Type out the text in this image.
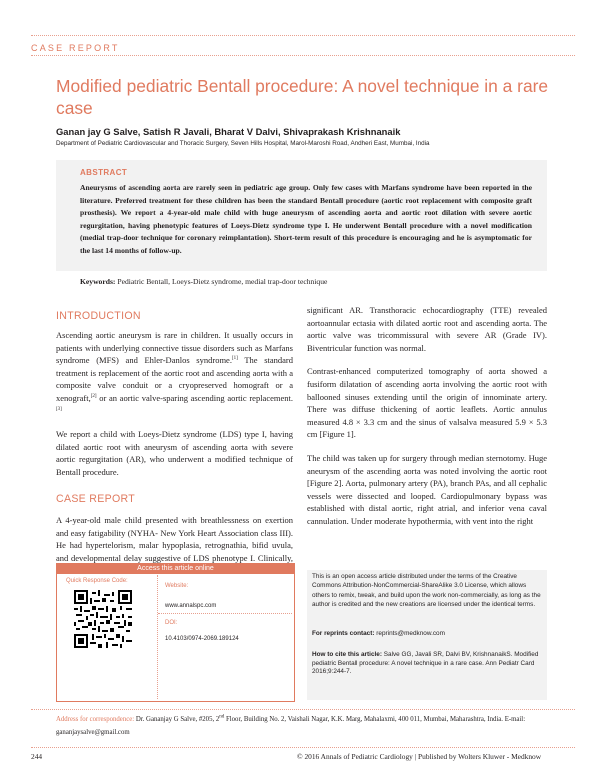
CASE REPORT
Modified pediatric Bentall procedure: A novel technique in a rare case
Ganan jay G Salve, Satish R Javali, Bharat V Dalvi, Shivaprakash Krishnanaik
Department of Pediatric Cardiovascular and Thoracic Surgery, Seven Hills Hospital, Marol-Maroshi Road, Andheri East, Mumbai, India
ABSTRACT
Aneurysms of ascending aorta are rarely seen in pediatric age group. Only few cases with Marfans syndrome have been reported in the literature. Preferred treatment for these children has been the standard Bentall procedure (aortic root replacement with composite graft prosthesis). We report a 4-year-old male child with huge aneurysm of ascending aorta and aortic root dilation with severe aortic regurgitation, having phenotypic features of Loeys-Dietz syndrome type I. He underwent Bentall procedure with a novel modification (medial trap-door technique for coronary reimplantation). Short-term result of this procedure is encouraging and he is asymptomatic for the last 14 months of follow-up.
Keywords: Pediatric Bentall, Loeys-Dietz syndrome, medial trap-door technique
INTRODUCTION

Ascending aortic aneurysm is rare in children. It usually occurs in patients with underlying connective tissue disorders such as Marfans syndrome (MFS) and Ehler-Danlos syndrome.[1] The standard treatment is replacement of the aortic root and ascending aorta with a composite valve conduit or a cryopreserved homograft or a xenograft,[2] or an aortic valve-sparing ascending aortic replacement.[3]

We report a child with Loeys-Dietz syndrome (LDS) type I, having dilated aortic root with aneurysm of ascending aorta with severe aortic regurgitation (AR), who underwent a modified technique of Bentall procedure.

CASE REPORT

A 4-year-old male child presented with breathlessness on exertion and easy fatigability (NYHA- New York Heart Association class III). He had hypertelorism, malar hypoplasia, retrognathia, bifid uvula, and developmental delay suggestive of LDS phenotype I. Clinically,

significant AR. Transthoracic echocardiography (TTE) revealed aortoannular ectasia with dilated aortic root and ascending aorta. The aortic valve was tricommissural with severe AR (Grade IV). Biventricular function was normal.

Contrast-enhanced computerized tomography of aorta showed a fusiform dilatation of ascending aorta involving the aortic root with ballooned sinuses extending until the origin of innominate artery. There was diffuse thickening of aortic leaflets. Aortic annulus measured 4.8 × 3.3 cm and the sinus of valsalva measured 5.9 × 5.3 cm [Figure 1].

The child was taken up for surgery through median sternotomy. Huge aneurysm of the ascending aorta was noted involving the aortic root [Figure 2]. Aorta, pulmonary artery (PA), branch PAs, and all cephalic vessels were dissected and looped. Cardiopulmonary bypass was established with distal aortic, right atrial, and inferior vena caval cannulation. Under moderate hypothermia, with vent into the right

Access this article online
Quick Response Code:
Website:
www.annalspc.com
DOI:
10.4103/0974-2069.189124
This is an open access article distributed under the terms of the Creative Commons Attribution-NonCommercial-ShareAlike 3.0 License, which allows others to remix, tweak, and build upon the work non-commercially, as long as the author is credited and the new creations are licensed under the identical terms.
For reprints contact: reprints@medknow.com
How to cite this article: Salve GG, Javali SR, Dalvi BV, KrishnanaikS. Modified pediatric Bentall procedure: A novel technique in a rare case. Ann Pediatr Card 2016;9:244-7.
Address for correspondence: Dr. Gananjay G Salve, #205, 2nd Floor, Building No. 2, Vaishali Nagar, K.K. Marg, Mahalaxmi, 400 011, Mumbai, Maharashtra, India. E-mail: gananjaysalve@gmail.com
244	© 2016 Annals of Pediatric Cardiology | Published by Wolters Kluwer - Medknow
